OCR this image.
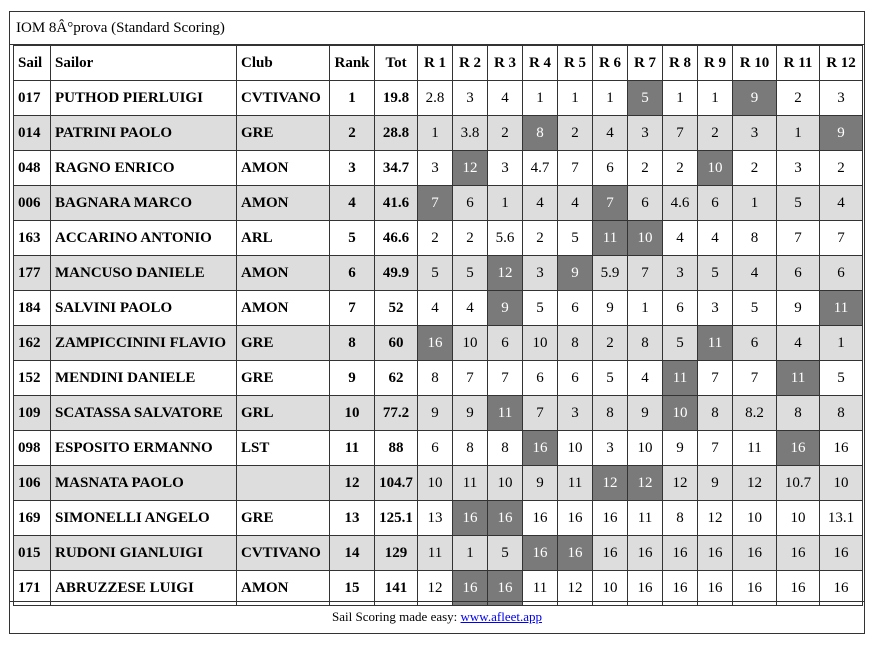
IOM 8Â°prova (Standard Scoring)
Sail	Sailor	Club	Rank	Tot	R 1	R 2	R 3	R 4	R 5	R 6	R 7	R 8	R 9	R 10	R 11	R 12
017	PUTHOD PIERLUIGI	CVTIVANO	1	19.8	2.8	3	4	1	1	1	5	1	1	9	2	3
014	PATRINI PAOLO	GRE	2	28.8	1	3.8	2	8	2	4	3	7	2	3	1	9
048	RAGNO ENRICO	AMON	3	34.7	3	12	3	4.7	7	6	2	2	10	2	3	2
006	BAGNARA MARCO	AMON	4	41.6	7	6	1	4	4	7	6	4.6	6	1	5	4
163	ACCARINO ANTONIO	ARL	5	46.6	2	2	5.6	2	5	11	10	4	4	8	7	7
177	MANCUSO DANIELE	AMON	6	49.9	5	5	12	3	9	5.9	7	3	5	4	6	6
184	SALVINI PAOLO	AMON	7	52	4	4	9	5	6	9	1	6	3	5	9	11
162	ZAMPICCININI FLAVIO	GRE	8	60	16	10	6	10	8	2	8	5	11	6	4	1
152	MENDINI DANIELE	GRE	9	62	8	7	7	6	6	5	4	11	7	7	11	5
109	SCATASSA SALVATORE	GRL	10	77.2	9	9	11	7	3	8	9	10	8	8.2	8	8
098	ESPOSITO ERMANNO	LST	11	88	6	8	8	16	10	3	10	9	7	11	16	16
106	MASNATA PAOLO		12	104.7	10	11	10	9	11	12	12	12	9	12	10.7	10
169	SIMONELLI ANGELO	GRE	13	125.1	13	16	16	16	16	16	11	8	12	10	10	13.1
015	RUDONI GIANLUIGI	CVTIVANO	14	129	11	1	5	16	16	16	16	16	16	16	16	16
171	ABRUZZESE LUIGI	AMON	15	141	12	16	16	11	12	10	16	16	16	16	16	16
Sail Scoring made easy: www.afleet.app
